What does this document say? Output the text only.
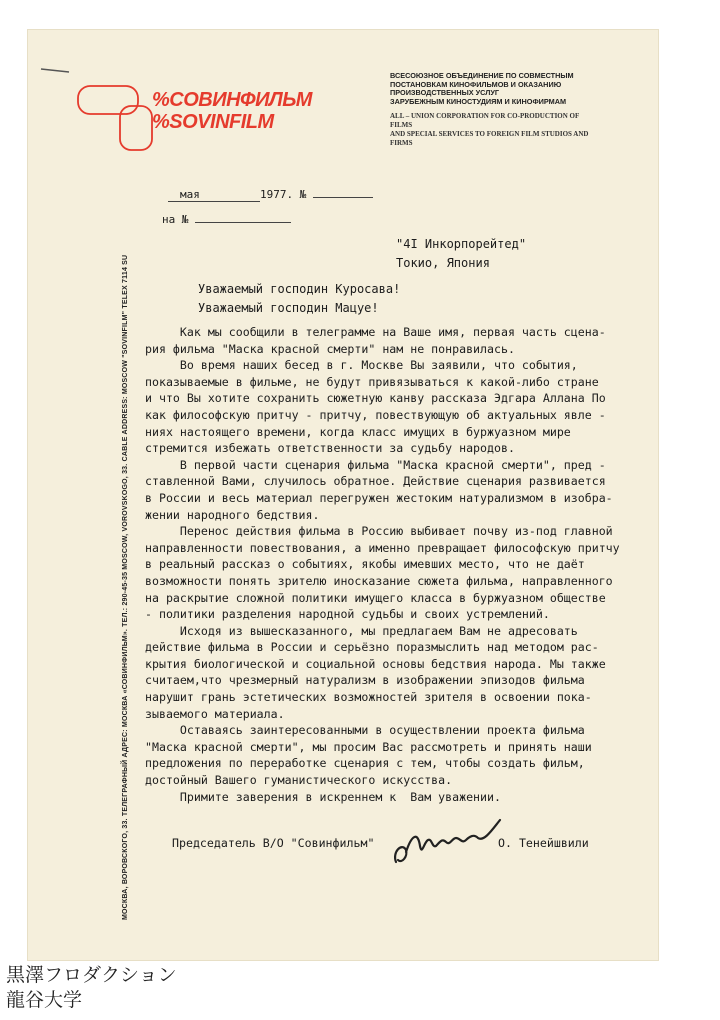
%СОВИНФИЛЬМ
%SOVINFILM
ВСЕСОЮЗНОЕ ОБЪЕДИНЕНИЕ ПО СОВМЕСТНЫМ
ПОСТАНОВКАМ КИНОФИЛЬМОВ И ОКАЗАНИЮ
ПРОИЗВОДСТВЕННЫХ УСЛУГ
ЗАРУБЕЖНЫМ КИНОСТУДИЯМ И КИНОФИРМАМ
ALL – UNION CORPORATION FOR CO-PRODUCTION OF
FILMS
AND SPECIAL SERVICES TO FOREIGN FILM STUDIOS AND
FIRMS
МОСКВА, ВОРОВСКОГО, 33. ТЕЛЕГРАФНЫЙ АДРЕС: МОСКВА «СОВИНФИЛЬМ». ТЕЛ.: 290-45-35 MOSCOW, VOROVSKOGO, 33. CABLE ADDRESS: MOSCOW "SOVINFILM" TELEX 7114 SU
мая	1977. №
на №
"4I Инкорпорейтед"
Токио, Япония
Уважаемый господин Куросава!
Уважаемый господин Мацуе!
Как мы сообщили в телеграмме на Ваше имя, первая часть сцена-
рия фильма "Маска красной смерти" нам не понравилась.
Во время наших бесед в г. Москве Вы заявили, что события,
показываемые в фильме, не будут привязываться к какой-либо стране
и что Вы хотите сохранить сюжетную канву рассказа Эдгара Аллана По
как философскую притчу - притчу, повествующую об актуальных явле -
ниях настоящего времени, когда класс имущих в буржуазном мире
стремится избежать ответственности за судьбу народов.
В первой части сценария фильма "Маска красной смерти", пред -
ставленной Вами, случилось обратное. Действие сценария развивается
в России и весь материал перегружен жестоким натурализмом в изобра-
жении народного бедствия.
Перенос действия фильма в Россию выбивает почву из-под главной
направленности повествования, а именно превращает философскую притчу
в реальный рассказ о событиях, якобы имевших место, что не даёт
возможности понять зрителю иносказание сюжета фильма, направленного
на раскрытие сложной политики имущего класса в буржуазном обществе
- политики разделения народной судьбы и своих устремлений.
Исходя из вышесказанного, мы предлагаем Вам не адресовать
действие фильма в России и серьёзно поразмыслить над методом рас-
крытия биологической и социальной основы бедствия народа. Мы также
считаем,что чрезмерный натурализм в изображении эпизодов фильма
нарушит грань эстетических возможностей зрителя в освоении пока-
зываемого материала.
Оставаясь заинтересованными в осуществлении проекта фильма
"Маска красной смерти", мы просим Вас рассмотреть и принять наши
предложения по переработке сценария с тем, чтобы создать фильм,
достойный Вашего гуманистического искусства.
Примите заверения в искреннем к  Вам уважении.
Председатель В/О "Совинфильм"	О. Тенейшвили
黒澤フロダクション
龍谷大学
